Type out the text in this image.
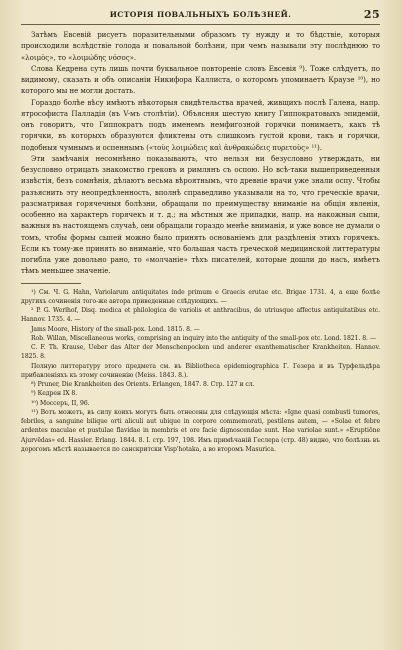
ИСТОРІЯ ПОВАЛЬНЫХЪ БОЛѢЗНЕЙ.	25

Затѣмъ Евсевій рисуетъ поразительными образомъ ту нужду и то бѣдствіе, которыя происходили вслѣдствіе голода и повальной болѣзни, при чемъ называли эту послѣднюю то «λοιμὸς», то «λοιμώδης νόσος».

Слова Кедрена суть лишь почти буквальное повтореніе словъ Евсевія ⁹). Тоже слѣдуетъ, по видимому, сказать и объ описаніи Никифора Каллиста, о которомъ упоминаетъ Краузе ¹⁰), но которого мы не могли достать.

Гораздо болѣе вѣсу имѣютъ нѣкоторыя свидѣтельства врачей, живщихъ послѣ Галена, напр. ятрософиста Палладія (въ V-мъ столѣтіи). Объясняя шестую книгу Гиппократовыхъ эпидемій, онъ говоритъ, что Гиппократъ подъ именемъ немфигозной горячки понимаетъ, какъ тѣ горячки, въ которыхъ образуются фликтены отъ слишкомъ густой крови, такъ и горячки, подобныя чумнымъ и оспеннымъ («τοὺς λοιμώδεις καὶ ἀνθρακώδεις πυρετοὺς» ¹¹).

Эти замѣчанія несомнѣнно показываютъ, что нельзя ни безусловно утверждать, ни безусловно отрицать знакомство грековъ и римлянъ съ оспою. Но всѣ-таки вышеприведенныя извѣстія, безъ сомнѣнія, дѣлаютъ весьма вѣроятнымъ, что древніе врачи уже знали оспу. Чтобы разъяснить эту неопредѣленность, вполнѣ справедливо указывали на то, что греческіе врачи, разсматривая горячечныя болѣзни, обращали по преимуществу вниманіе на общія явленія, особенно на характеръ горячекъ и т. д.; на мѣстныя же припадки, напр. на накожныя сыпи, важныя въ настоящемъ случаѣ, они обращали гораздо менѣе вниманія, и уже вовсе не думали о томъ, чтобы формы сыпей можно было принять основаніемъ для раздѣленія этихъ горячекъ. Если къ тому-же принять во вниманіе, что большая часть греческой медицинской литтературы погибла уже довольно рано, то «молчаніе» тѣхъ писателей, которые дошли до насъ, имѣетъ тѣмъ меньшее значеніе.

¹) См. Ч. G. Hahn, Variolarum antiquitates inde primum e Graecis erutae etc. Brigae 1731. 4, а еще болѣе другихъ сочиненія того-же автора приведенные слѣдующихъ. —

² P. G. Werlhof, Disq. medica et philologica de variolis et anthracibus, de utriusque affectus antiquitatibus etc. Hannov. 1735. 4. —

Jams Moore, History of the small-pox. Lond. 1815. 8. —

Rob. Willan, Miscellaneous works, comprising an inquiry into the antiquity of the small-pox etc. Lond. 1821. 8. —

C. F. Th. Krause, Ueber das Alter der Menschenpocken und anderer exanthematischer Krankheiten. Hannov. 1825. 8.

Полную литтературу этого предмета см. въ Bibliotheca epidemiographica Г. Гезера и въ Турфельдѣра прибавленіяхъ къ этому сочиненію (Meiss. 1843. 8.).

⁸) Pruner, Die Krankheiten des Orients. Erlangen, 1847. 8. Стр. 127 и сл.

⁹) Кедрен IX 8.

¹⁰) Моссеръ, II, 96.

¹¹) Вотъ можетъ, въ силу коихъ могутъ быть отнесены для слѣдующія мѣста: «Igne quasi combusti tumores, febriles, a sanguine bilique orti aliculi aut ubique in corpore commemorati, pestilens autem, — «Solae et febre ardentes maculae et pustulae flavidae in membris et ore facie dignoscendae sunt. Hae variolae sunt.» «Eruptiōne Ajurvēdas» ed. Hassler. Erlang. 1844. 8. I. стр. 197, 198. Имъ примѣчаній Геслера (стр. 48) видно, что болѣзнь въ дорогомъ мѣстѣ называется по санскритски Visp'hotaka, а во второмъ Masurica.
